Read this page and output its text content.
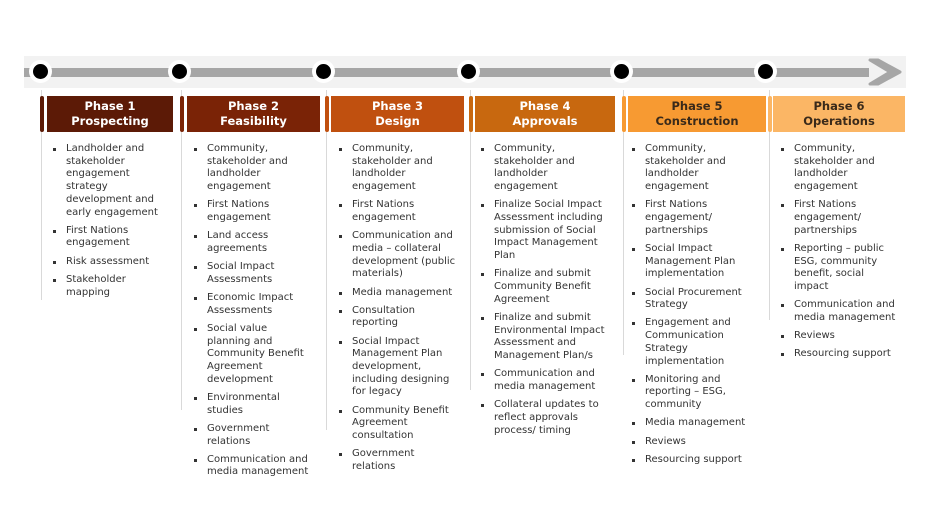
Phase 1
Prospecting
Landholder and stakeholder engagement strategy development and early engagement
First Nations engagement
Risk assessment
Stakeholder mapping
Phase 2
Feasibility
Community, stakeholder and landholder engagement
First Nations engagement
Land access agreements
Social Impact Assessments
Economic Impact Assessments
Social value planning and Community Benefit Agreement development
Environmental studies
Government relations
Communication and media management
Phase 3
Design
Community, stakeholder and landholder engagement
First Nations engagement
Communication and media – collateral development (public materials)
Media management
Consultation reporting
Social Impact Management Plan development, including designing for legacy
Community Benefit Agreement consultation
Government relations
Phase 4
Approvals
Community, stakeholder and landholder engagement
Finalize Social Impact Assessment including submission of Social Impact Management Plan
Finalize and submit Community Benefit Agreement
Finalize and submit Environmental Impact Assessment and Management Plan/s
Communication and media management
Collateral updates to reflect approvals process/ timing
Phase 5
Construction
Community, stakeholder and landholder engagement
First Nations engagement/ partnerships
Social Impact Management Plan implementation
Social Procurement Strategy
Engagement and Communication Strategy implementation
Monitoring and reporting – ESG, community
Media management
Reviews
Resourcing support
Phase 6
Operations
Community, stakeholder and landholder engagement
First Nations engagement/ partnerships
Reporting – public ESG, community benefit, social impact
Communication and media management
Reviews
Resourcing support
